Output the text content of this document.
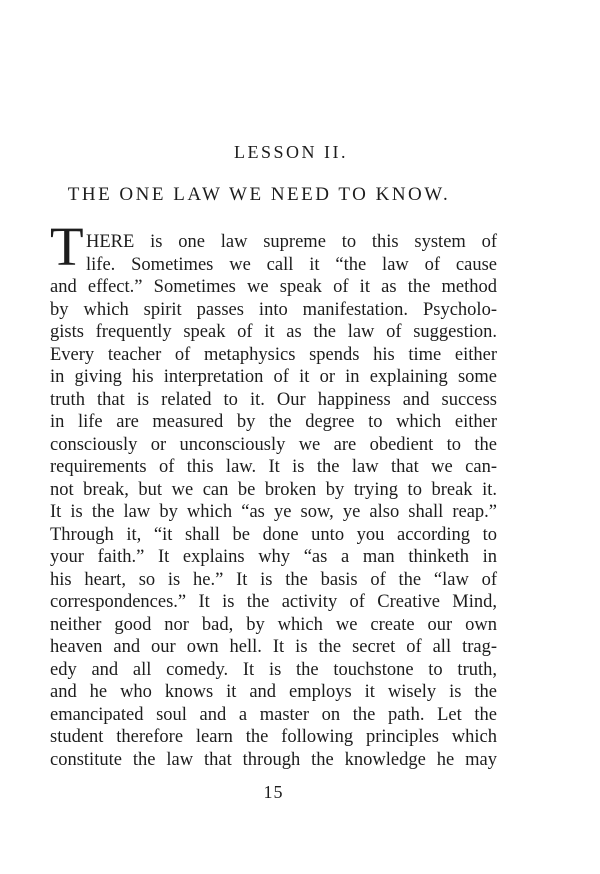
LESSON II.
THE ONE LAW WE NEED TO KNOW.
T HERE is one law supreme to this system of
life. Sometimes we call it “the law of cause
and effect.” Sometimes we speak of it as the method
by which spirit passes into manifestation. Psycholo-
gists frequently speak of it as the law of suggestion.
Every teacher of metaphysics spends his time either
in giving his interpretation of it or in explaining some
truth that is related to it. Our happiness and success
in life are measured by the degree to which either
consciously or unconsciously we are obedient to the
requirements of this law. It is the law that we can-
not break, but we can be broken by trying to break it.
It is the law by which “as ye sow, ye also shall reap.”
Through it, “it shall be done unto you according to
your faith.” It explains why “as a man thinketh in
his heart, so is he.” It is the basis of the “law of
correspondences.” It is the activity of Creative Mind,
neither good nor bad, by which we create our own
heaven and our own hell. It is the secret of all trag-
edy and all comedy. It is the touchstone to truth,
and he who knows it and employs it wisely is the
emancipated soul and a master on the path. Let the
student therefore learn the following principles which
constitute the law that through the knowledge he may
15
